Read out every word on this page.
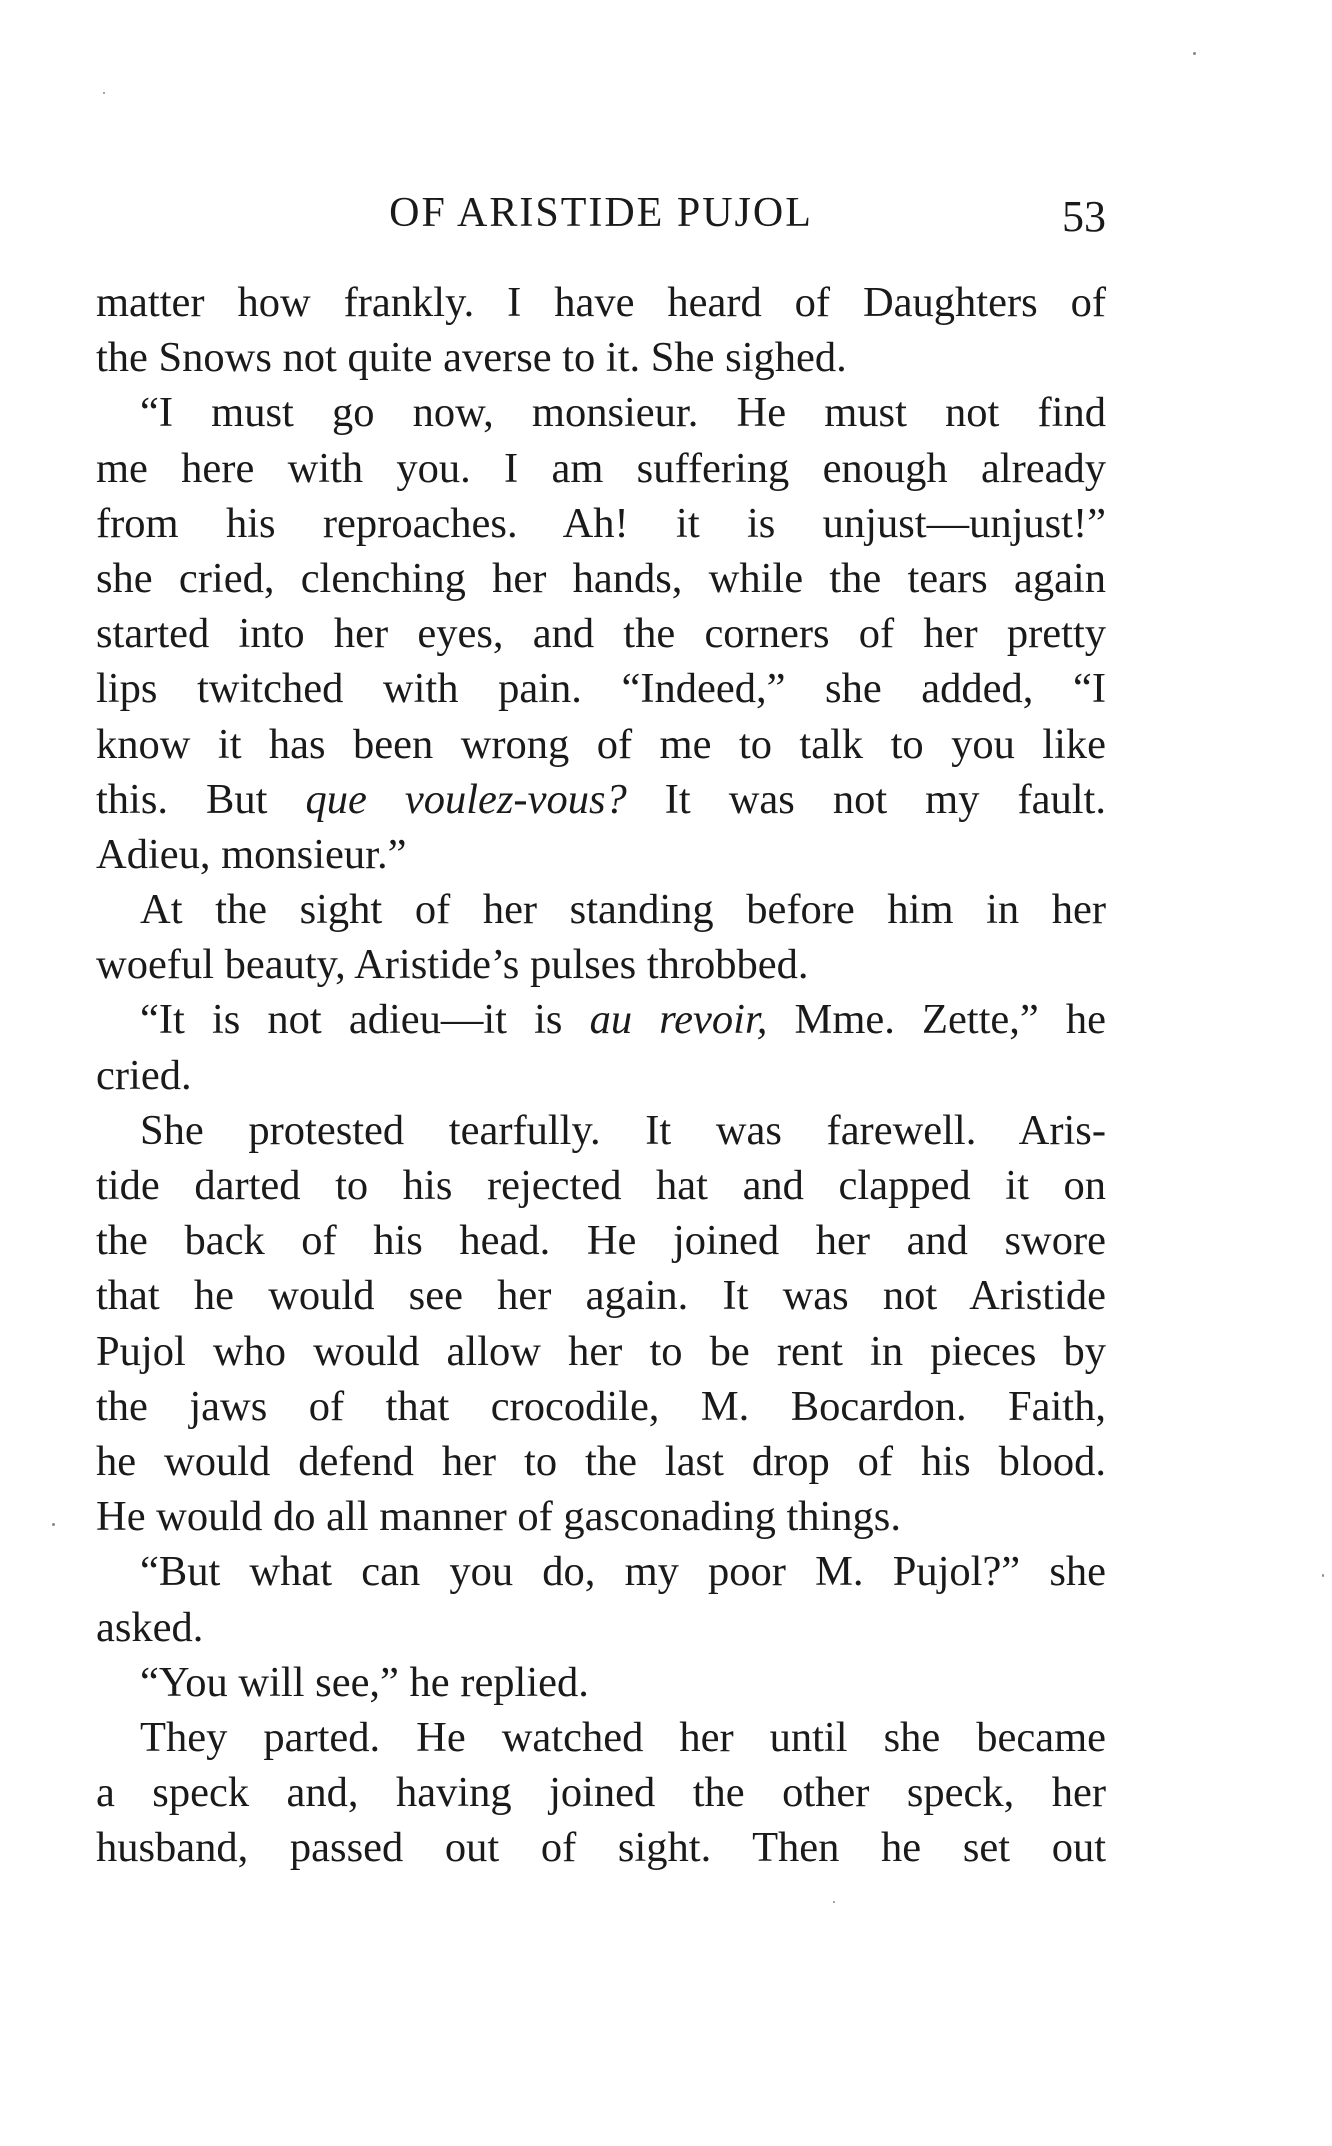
OF ARISTIDE PUJOL	53
matter how frankly. I have heard of Daughters of
the Snows not quite averse to it. She sighed.
“I must go now, monsieur. He must not find
me here with you. I am suffering enough already
from his reproaches. Ah! it is unjust—unjust!”
she cried, clenching her hands, while the tears again
started into her eyes, and the corners of her pretty
lips twitched with pain. “Indeed,” she added, “I
know it has been wrong of me to talk to you like
this. But que voulez-vous? It was not my fault.
Adieu, monsieur.”
At the sight of her standing before him in her
woeful beauty, Aristide’s pulses throbbed.
“It is not adieu—it is au revoir, Mme. Zette,” he
cried.
She protested tearfully. It was farewell. Aris-
tide darted to his rejected hat and clapped it on
the back of his head. He joined her and swore
that he would see her again. It was not Aristide
Pujol who would allow her to be rent in pieces by
the jaws of that crocodile, M. Bocardon. Faith,
he would defend her to the last drop of his blood.
He would do all manner of gasconading things.
“But what can you do, my poor M. Pujol?” she
asked.
“You will see,” he replied.
They parted. He watched her until she became
a speck and, having joined the other speck, her
husband, passed out of sight. Then he set out
